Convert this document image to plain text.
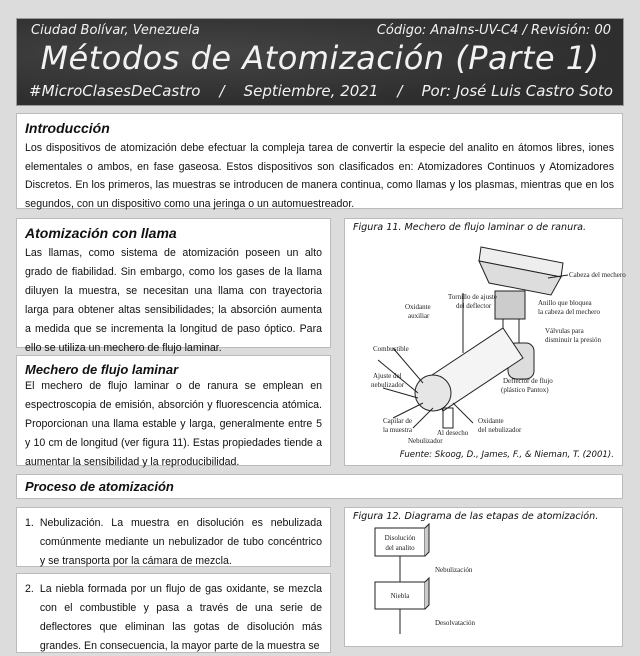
Ciudad Bolívar, Venezuela	Código: AnaIns-UV-C4 / Revisión: 00
Métodos de Atomización (Parte 1)
#MicroClasesDeCastro / Septiembre, 2021 / Por: José Luis Castro Soto
Introducción

Los dispositivos de atomización debe efectuar la compleja tarea de convertir la especie del analito en átomos libres, iones elementales o ambos, en fase gaseosa. Estos dispositivos son clasificados en: Atomizadores Continuos y Atomizadores Discretos. En los primeros, las muestras se introducen de manera continua, como llamas y los plasmas, mientras que en los segundos, con un dispositivo como una jeringa o un automuestreador.

Atomización con llama

Las llamas, como sistema de atomización poseen un alto grado de fiabilidad. Sin embargo, como los gases de la llama diluyen la muestra, se necesitan una llama con trayectoria larga para obtener altas sensibilidades; la absorción aumenta a medida que se incrementa la longitud de paso óptico. Para ello se utiliza un mechero de flujo laminar.

Mechero de flujo laminar

El mechero de flujo laminar o de ranura se emplean en espectroscopia de emisión, absorción y fluorescencia atómica. Proporcionan una llama estable y larga, generalmente entre 5 y 10 cm de longitud (ver figura 11). Estas propiedades tiende a aumentar la sensibilidad y la reproducibilidad.

Figura 11. Mechero de flujo laminar o de ranura.
Cabeza del mechero
Anillo que bloquea
la cabeza del mechero
Tornillo de ajuste
del deflector
Oxidante
auxiliar
Válvulas para
disminuir la presión
Combustible
Ajuste del
nebulizador	Deflector de flujo
(plástico Pantox)
Capilar de
la muestra	Al desecho
Nebulizador
Oxidante
del nebulizador
Fuente: Skoog, D., James, F., & Nieman, T. (2001).
Proceso de atomización
1. Nebulización. La muestra en disolución es nebulizada comúnmente mediante un nebulizador de tubo concéntrico y se transporta por la cámara de mezcla.
2. La niebla formada por un flujo de gas oxidante, se mezcla con el combustible y pasa a través de una serie de deflectores que eliminan las gotas de disolución más grandes. En consecuencia, la mayor parte de la muestra se
Figura 12. Diagrama de las etapas de atomización.
Disolución
del analito
Nebulización
Niebla
Desolvatación
